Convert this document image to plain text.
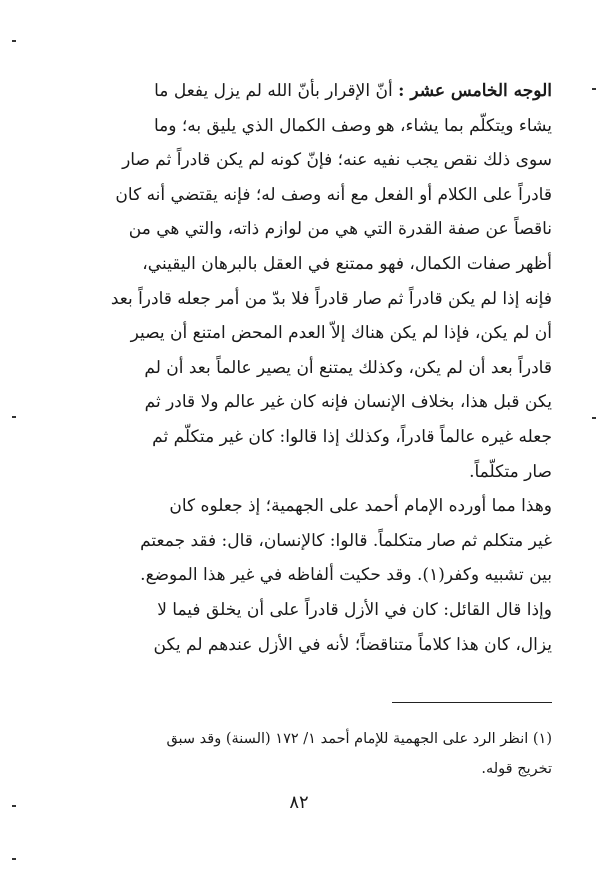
الوجه الخامس عشر : أنّ الإقرار بأنّ الله لم يزل يفعل ما
يشاء ويتكلّم بما يشاء، هو وصف الكمال الذي يليق به؛ وما
سوى ذلك نقص يجب نفيه عنه؛ فإنّ كونه لم يكن قادراً ثم صار
قادراً على الكلام أو الفعل مع أنه وصف له؛ فإنه يقتضي أنه كان
ناقصاً عن صفة القدرة التي هي من لوازم ذاته، والتي هي من
أظهر صفات الكمال، فهو ممتنع في العقل بالبرهان اليقيني،
فإنه إذا لم يكن قادراً ثم صار قادراً فلا بدّ من أمر جعله قادراً بعد
أن لم يكن، فإذا لم يكن هناك إلاّ العدم المحض امتنع أن يصير
قادراً بعد أن لم يكن، وكذلك يمتنع أن يصير عالماً بعد أن لم
يكن قبل هذا، بخلاف الإنسان فإنه كان غير عالم ولا قادر ثم
جعله غيره عالماً قادراً، وكذلك إذا قالوا: كان غير متكلّم ثم
صار متكلّماً.
وهذا مما أورده الإمام أحمد على الجهمية؛ إذ جعلوه كان
غير متكلم ثم صار متكلماً. قالوا: كالإنسان، قال: فقد جمعتم
بين تشبيه وكفر(١). وقد حكيت ألفاظه في غير هذا الموضع.
وإذا قال القائل: كان في الأزل قادراً على أن يخلق فيما لا
يزال، كان هذا كلاماً متناقضاً؛ لأنه في الأزل عندهم لم يكن
(١) انظر الرد على الجهمية للإمام أحمد ١/ ١٧٢ (السنة) وقد سبق
تخريج قوله.
٨٢
